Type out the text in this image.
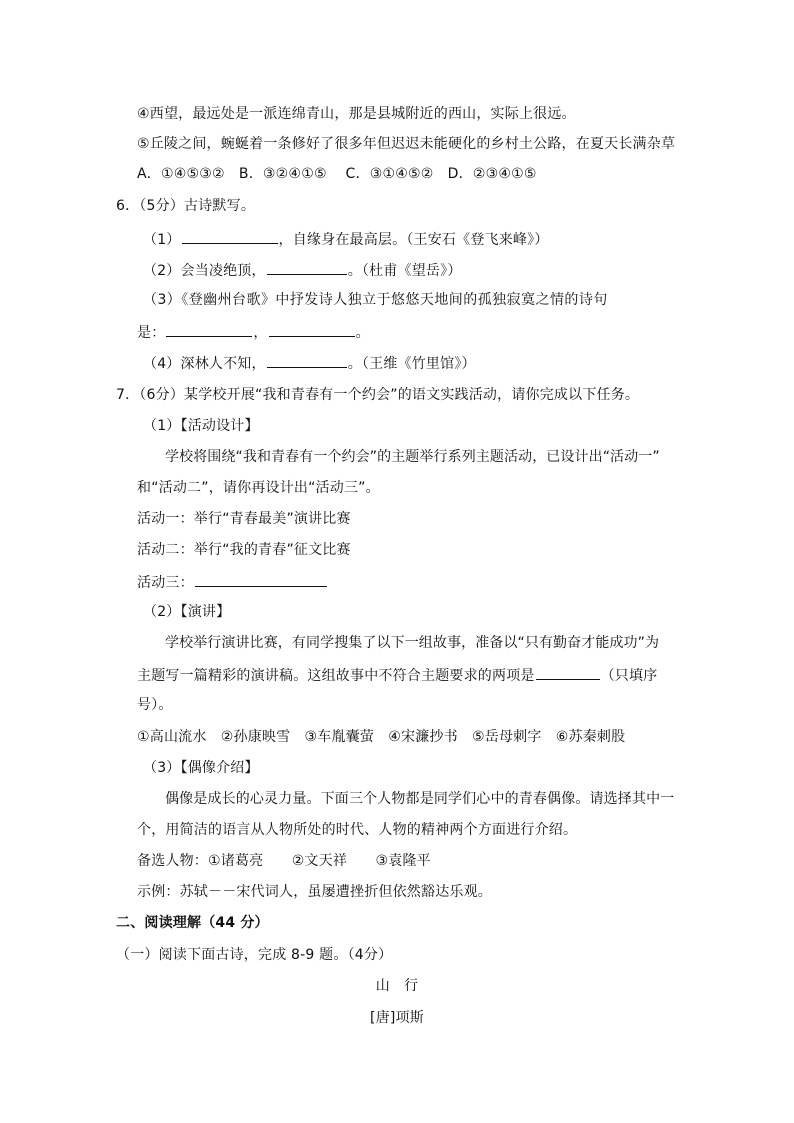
④西望，最远处是一派连绵青山，那是县城附近的西山，实际上很远。
⑤丘陵之间，蜿蜒着一条修好了很多年但迟迟未能硬化的乡村土公路，在夏天长满杂草
A．①④⑤③②　B．③②④①⑤　 C．③①④⑤②　D．②③④①⑤
6．（5分）古诗默写。
（1）	，自缘身在最高层。（王安石《登飞来峰》）
（2）会当凌绝顶，	。（杜甫《望岳》）
（3）《登幽州台歌》中抒发诗人独立于悠悠天地间的孤独寂寞之情的诗句
是：	，	。
（4）深林人不知，	。（王维《竹里馆》）
7．（6分）某学校开展“我和青春有一个约会”的语文实践活动，请你完成以下任务。
（1）【活动设计】
学校将围绕“我和青春有一个约会”的主题举行系列主题活动，已设计出“活动一”
和“活动二”，请你再设计出“活动三”。
活动一：举行“青春最美”演讲比赛
活动二：举行“我的青春”征文比赛
活动三：
（2）【演讲】
学校举行演讲比赛，有同学搜集了以下一组故事，准备以“只有勤奋才能成功”为
主题写一篇精彩的演讲稿。这组故事中不符合主题要求的两项是	（只填序
号）。
①高山流水　②孙康映雪　③车胤囊萤　④宋濂抄书　⑤岳母刺字　⑥苏秦刺股
（3）【偶像介绍】
偶像是成长的心灵力量。下面三个人物都是同学们心中的青春偶像。请选择其中一
个，用简洁的语言从人物所处的时代、人物的精神两个方面进行介绍。
备选人物：①诸葛亮　　②文天祥　　③袁隆平
示例：苏轼－－宋代词人，虽屡遭挫折但依然豁达乐观。
二、阅读理解（44 分）
（一）阅读下面古诗，完成 8-9 题。（4分）
山　行
[唐]项斯
